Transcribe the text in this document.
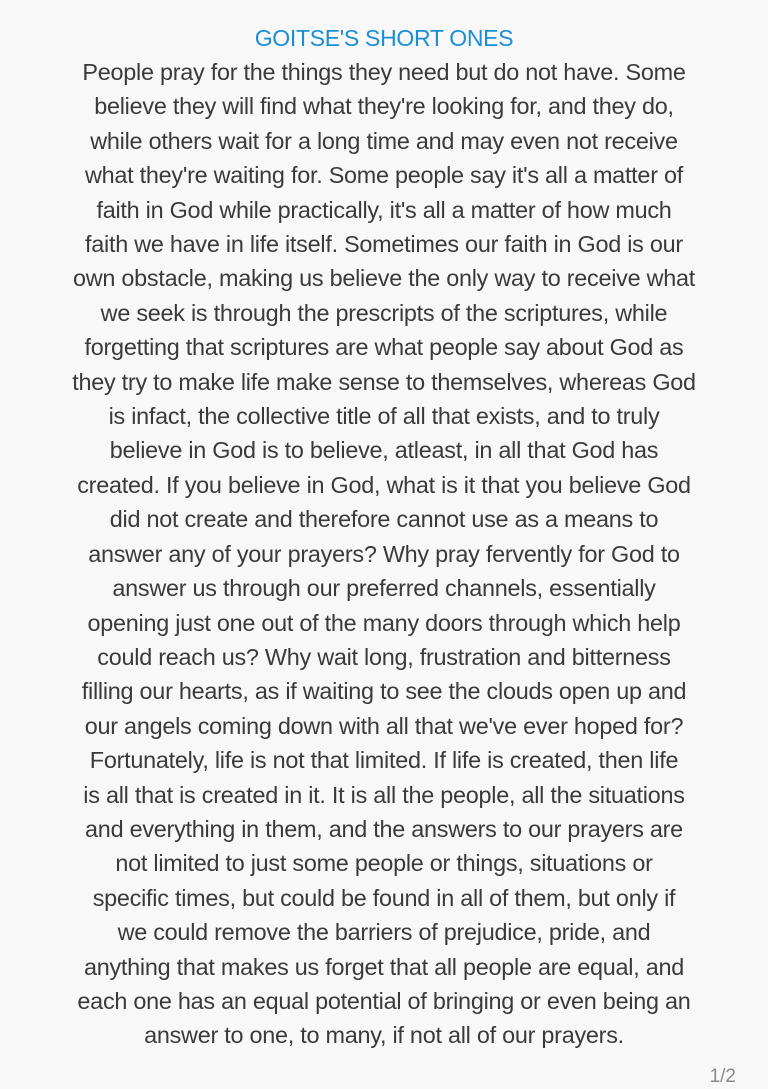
GOITSE'S SHORT ONES
People pray for the things they need but do not have. Some
believe they will find what they're looking for, and they do,
while others wait for a long time and may even not receive
what they're waiting for. Some people say it's all a matter of
faith in God while practically, it's all a matter of how much
faith we have in life itself. Sometimes our faith in God is our
own obstacle, making us believe the only way to receive what
we seek is through the prescripts of the scriptures, while
forgetting that scriptures are what people say about God as
they try to make life make sense to themselves, whereas God
is infact, the collective title of all that exists, and to truly
believe in God is to believe, atleast, in all that God has
created. If you believe in God, what is it that you believe God
did not create and therefore cannot use as a means to
answer any of your prayers? Why pray fervently for God to
answer us through our preferred channels, essentially
opening just one out of the many doors through which help
could reach us? Why wait long, frustration and bitterness
filling our hearts, as if waiting to see the clouds open up and
our angels coming down with all that we've ever hoped for?
Fortunately, life is not that limited. If life is created, then life
is all that is created in it. It is all the people, all the situations
and everything in them, and the answers to our prayers are
not limited to just some people or things, situations or
specific times, but could be found in all of them, but only if
we could remove the barriers of prejudice, pride, and
anything that makes us forget that all people are equal, and
each one has an equal potential of bringing or even being an
answer to one, to many, if not all of our prayers.
1/2
